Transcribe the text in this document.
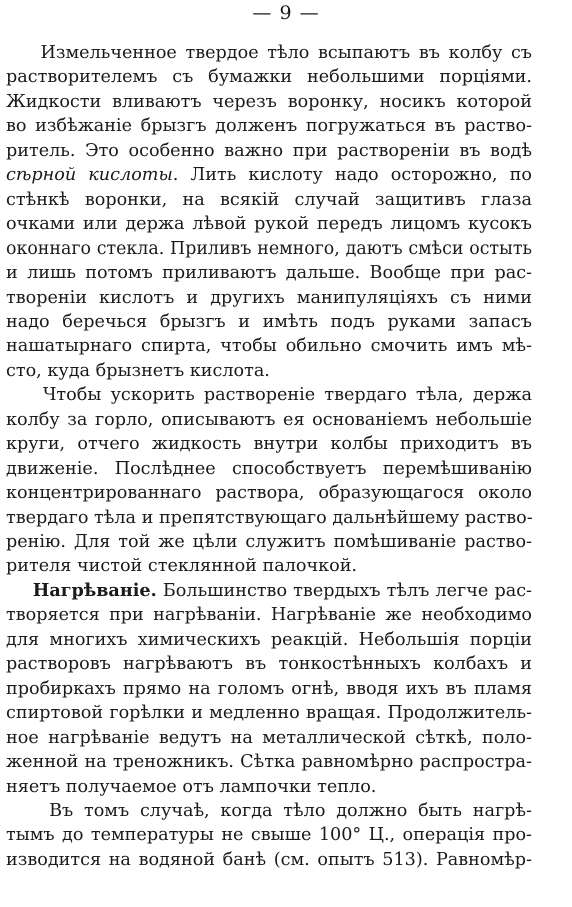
— 9 —
Измельченное твердое тѣло всыпаютъ въ колбу съ
растворителемъ съ бумажки небольшими порціями.
Жидкости вливаютъ черезъ воронку, носикъ которой
во избѣжаніе брызгъ долженъ погружаться въ раство-
ритель. Это особенно важно при раствореніи въ водѣ
сѣрной кислоты. Лить кислоту надо осторожно, по
стѣнкѣ воронки, на всякій случай защитивъ глаза
очками или держа лѣвой рукой передъ лицомъ кусокъ
оконнаго стекла. Приливъ немного, даютъ смѣси остыть
и лишь потомъ приливаютъ дальше. Вообще при рас-
твореніи кислотъ и другихъ манипуляціяхъ съ ними
надо беречься брызгъ и имѣть подъ руками запасъ
нашатырнаго спирта, чтобы обильно смочить имъ мѣ-
сто, куда брызнетъ кислота.
Чтобы ускорить раствореніе твердаго тѣла, держа
колбу за горло, описываютъ ея основаніемъ небольшіе
круги, отчего жидкость внутри колбы приходитъ въ
движеніе. Послѣднее способствуетъ перемѣшиванію
концентрированнаго раствора, образующагося около
твердаго тѣла и препятствующаго дальнѣйшему раство-
ренію. Для той же цѣли служитъ помѣшиваніе раство-
рителя чистой стеклянной палочкой.
Нагрѣваніе. Большинство твердыхъ тѣлъ легче рас-
творяется при нагрѣваніи. Нагрѣваніе же необходимо
для многихъ химическихъ реакцій. Небольшія порціи
растворовъ нагрѣваютъ въ тонкостѣнныхъ колбахъ и
пробиркахъ прямо на голомъ огнѣ, вводя ихъ въ пламя
спиртовой горѣлки и медленно вращая. Продолжитель-
ное нагрѣваніе ведутъ на металлической сѣткѣ, поло-
женной на треножникъ. Сѣтка равномѣрно распростра-
няетъ получаемое отъ лампочки тепло.
Въ томъ случаѣ, когда тѣло должно быть нагрѣ-
тымъ до температуры не свыше 100° Ц., операція про-
изводится на водяной банѣ (см. опытъ 513). Равномѣр-
